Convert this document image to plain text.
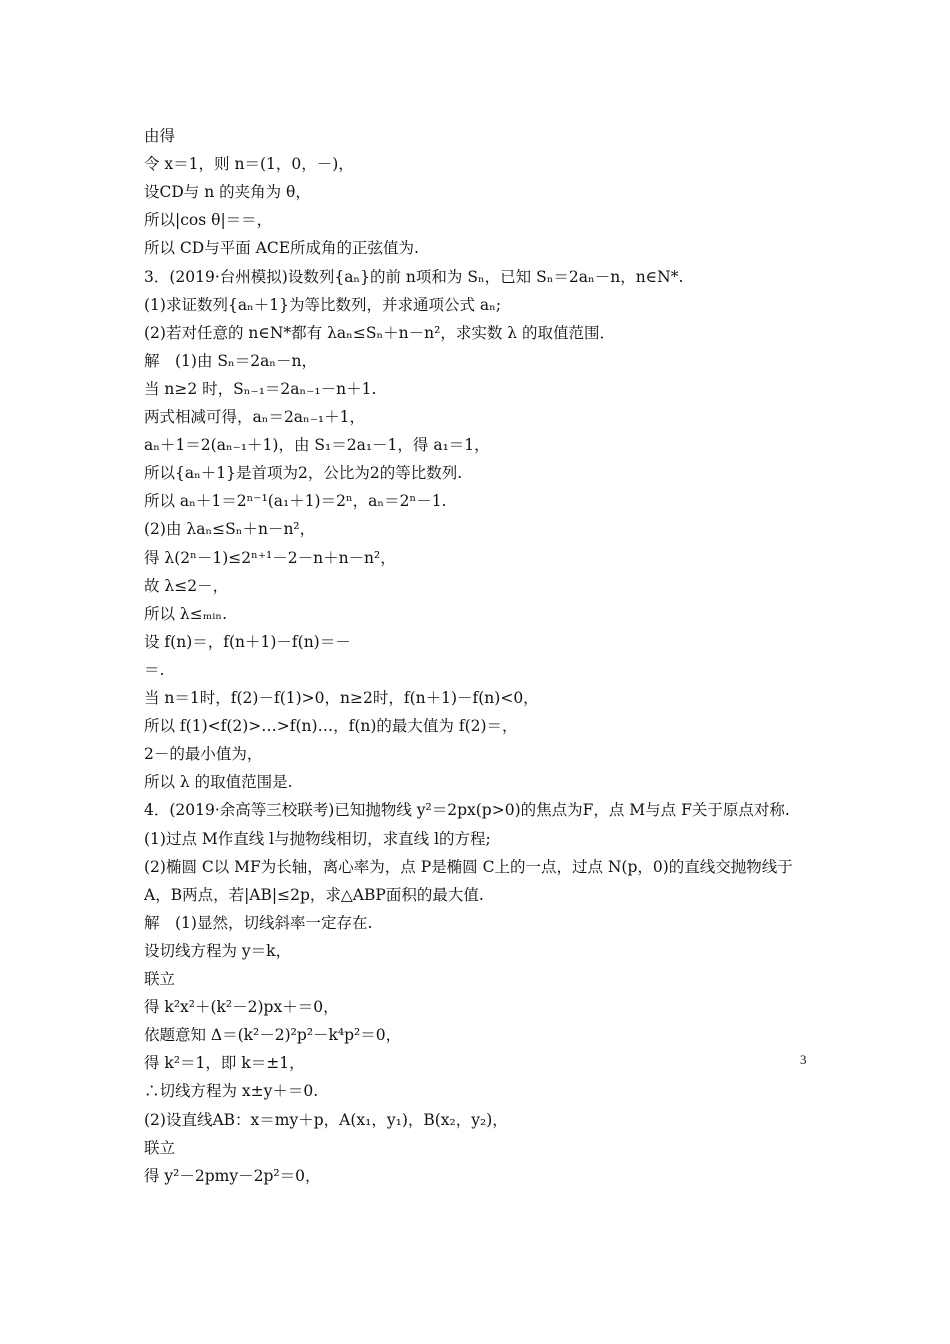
由得
令 x＝1，则 n＝(1，0，－)，
设CD与 n 的夹角为 θ，
所以|cos θ|＝＝，
所以 CD与平面 ACE所成角的正弦值为.
3．(2019·台州模拟)设数列{aₙ}的前 n项和为 Sₙ，已知 Sₙ＝2aₙ－n，n∈N*.
(1)求证数列{aₙ＋1}为等比数列，并求通项公式 aₙ;
(2)若对任意的 n∈N*都有 λaₙ≤Sₙ＋n－n²，求实数 λ 的取值范围．
解　(1)由 Sₙ＝2aₙ－n，
当 n≥2 时，Sₙ₋₁＝2aₙ₋₁－n＋1.
两式相减可得，aₙ＝2aₙ₋₁＋1，
aₙ＋1＝2(aₙ₋₁＋1)，由 S₁＝2a₁－1，得 a₁＝1，
所以{aₙ＋1}是首项为2，公比为2的等比数列.
所以 aₙ＋1＝2ⁿ⁻¹(a₁＋1)＝2ⁿ，aₙ＝2ⁿ－1.
(2)由 λaₙ≤Sₙ＋n－n²，
得 λ(2ⁿ－1)≤2ⁿ⁺¹－2－n＋n－n²，
故 λ≤2－，
所以 λ≤ₘᵢₙ.
设 f(n)＝，f(n＋1)－f(n)＝－
＝.
当 n＝1时，f(2)－f(1)>0，n≥2时，f(n＋1)－f(n)<0，
所以 f(1)<f(2)>…>f(n)…，f(n)的最大值为 f(2)＝，
2－的最小值为，
所以 λ 的取值范围是.
4．(2019·余高等三校联考)已知抛物线 y²＝2px(p>0)的焦点为F，点 M与点 F关于原点对称.
(1)过点 M作直线 l与抛物线相切，求直线 l的方程;
(2)椭圆 C以 MF为长轴，离心率为，点 P是椭圆 C上的一点，过点 N(p，0)的直线交抛物线于
A，B两点，若|AB|≤2p，求△ABP面积的最大值.
解　(1)显然，切线斜率一定存在.
设切线方程为 y＝k，
联立
得 k²x²＋(k²－2)px＋＝0，
依题意知 Δ＝(k²－2)²p²－k⁴p²＝0，
得 k²＝1，即 k＝±1，
∴切线方程为 x±y＋＝0.
(2)设直线AB：x＝my＋p，A(x₁，y₁)，B(x₂，y₂)，
联立
得 y²－2pmy－2p²＝0，
3
